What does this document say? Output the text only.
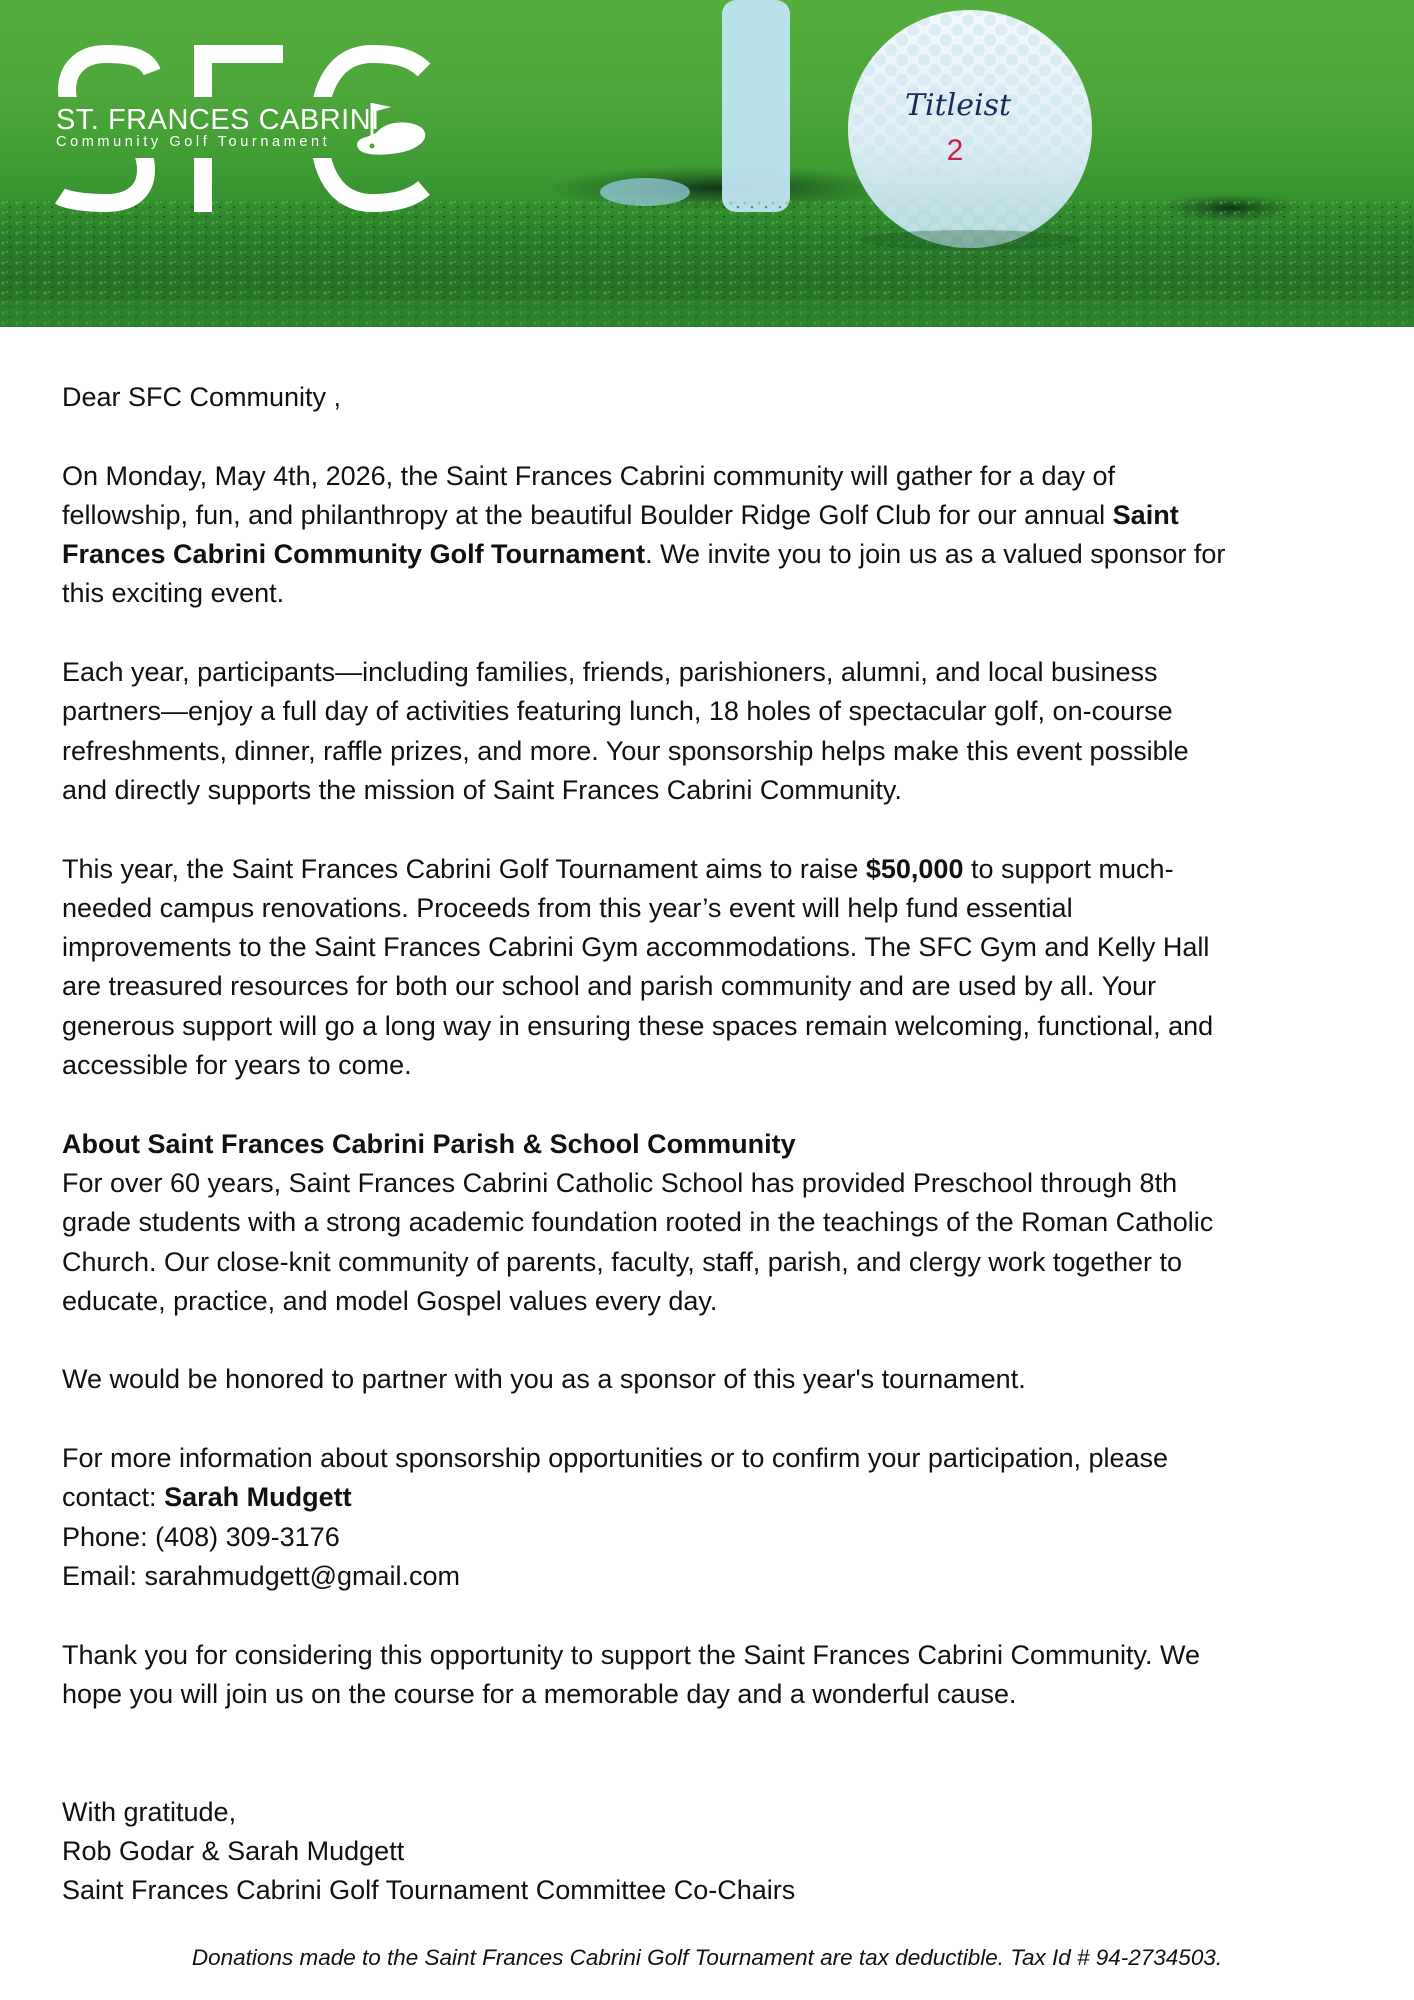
Titleist
2
ST. FRANCES CABRINI
Community Golf Tournament
Dear SFC Community ,
On Monday, May 4th, 2026, the Saint Frances Cabrini community will gather for a day of
fellowship, fun, and philanthropy at the beautiful Boulder Ridge Golf Club for our annual Saint
Frances Cabrini Community Golf Tournament. We invite you to join us as a valued sponsor for
this exciting event.
Each year, participants—including families, friends, parishioners, alumni, and local business
partners—enjoy a full day of activities featuring lunch, 18 holes of spectacular golf, on-course
refreshments, dinner, raffle prizes, and more. Your sponsorship helps make this event possible
and directly supports the mission of Saint Frances Cabrini Community.
This year, the Saint Frances Cabrini Golf Tournament aims to raise $50,000 to support much-
needed campus renovations. Proceeds from this year’s event will help fund essential
improvements to the Saint Frances Cabrini Gym accommodations. The SFC Gym and Kelly Hall
are treasured resources for both our school and parish community and are used by all. Your
generous support will go a long way in ensuring these spaces remain welcoming, functional, and
accessible for years to come.
About Saint Frances Cabrini Parish & School Community
For over 60 years, Saint Frances Cabrini Catholic School has provided Preschool through 8th
grade students with a strong academic foundation rooted in the teachings of the Roman Catholic
Church. Our close-knit community of parents, faculty, staff, parish, and clergy work together to
educate, practice, and model Gospel values every day.
We would be honored to partner with you as a sponsor of this year's tournament.
For more information about sponsorship opportunities or to confirm your participation, please
contact: Sarah Mudgett
Phone: (408) 309-3176
Email: sarahmudgett@gmail.com
Thank you for considering this opportunity to support the Saint Frances Cabrini Community. We
hope you will join us on the course for a memorable day and a wonderful cause.
With gratitude,
Rob Godar & Sarah Mudgett
Saint Frances Cabrini Golf Tournament Committee Co-Chairs
Donations made to the Saint Frances Cabrini Golf Tournament are tax deductible. Tax Id # 94-2734503.
